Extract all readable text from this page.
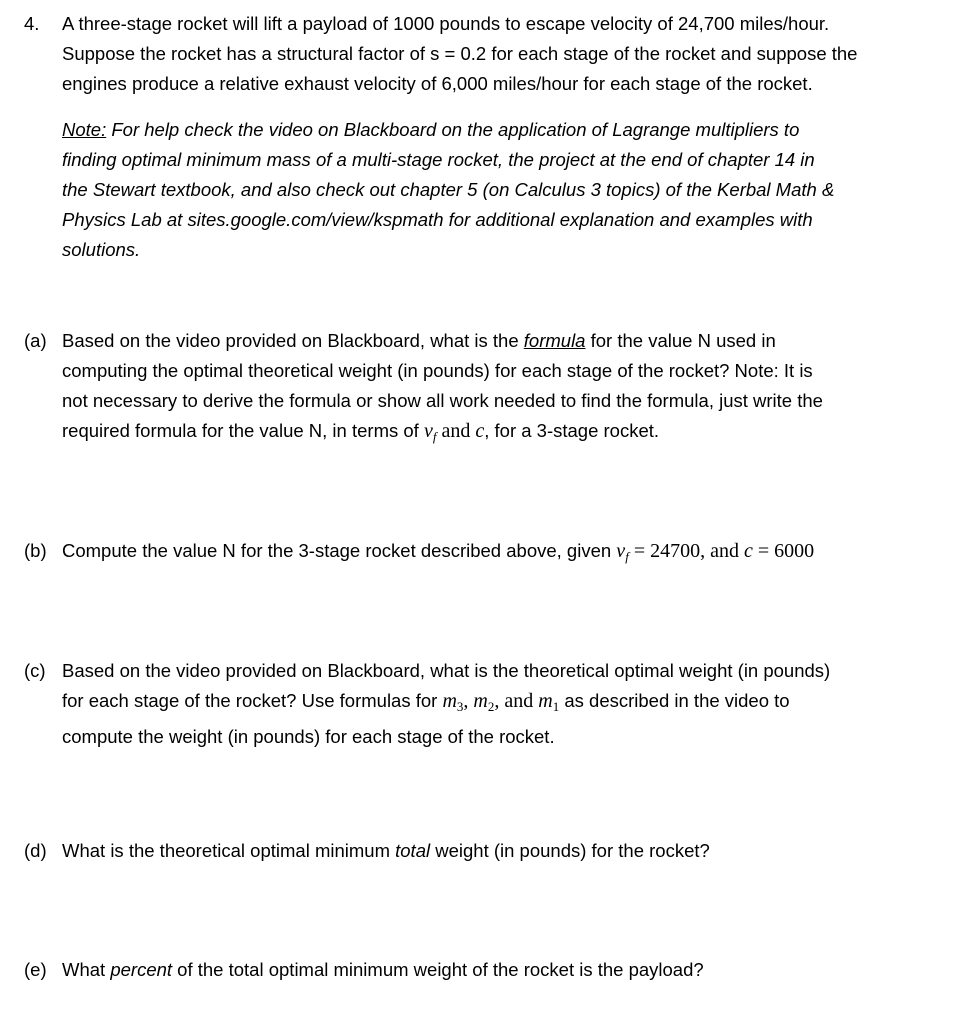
4. A three-stage rocket will lift a payload of 1000 pounds to escape velocity of 24,700 miles/hour.
Suppose the rocket has a structural factor of s = 0.2 for each stage of the rocket and suppose the
engines produce a relative exhaust velocity of 6,000 miles/hour for each stage of the rocket.
Note: For help check the video on Blackboard on the application of Lagrange multipliers to
finding optimal minimum mass of a multi-stage rocket, the project at the end of chapter 14 in
the Stewart textbook, and also check out chapter 5 (on Calculus 3 topics) of the Kerbal Math &
Physics Lab at sites.google.com/view/kspmath for additional explanation and examples with
solutions.
(a) Based on the video provided on Blackboard, what is the formula for the value N used in
computing the optimal theoretical weight (in pounds) for each stage of the rocket? Note: It is
not necessary to derive the formula or show all work needed to find the formula, just write the
required formula for the value N, in terms of $v_f$ and c, for a 3-stage rocket.
(b) Compute the value N for the 3-stage rocket described above, given $v_f = 24700$, and c = 6000
(c) Based on the video provided on Blackboard, what is the theoretical optimal weight (in pounds)
for each stage of the rocket? Use formulas for $m_3$, $m_2$, and $m_1$ as described in the video to
compute the weight (in pounds) for each stage of the rocket.
(d) What is the theoretical optimal minimum total weight (in pounds) for the rocket?
(e) What percent of the total optimal minimum weight of the rocket is the payload?
